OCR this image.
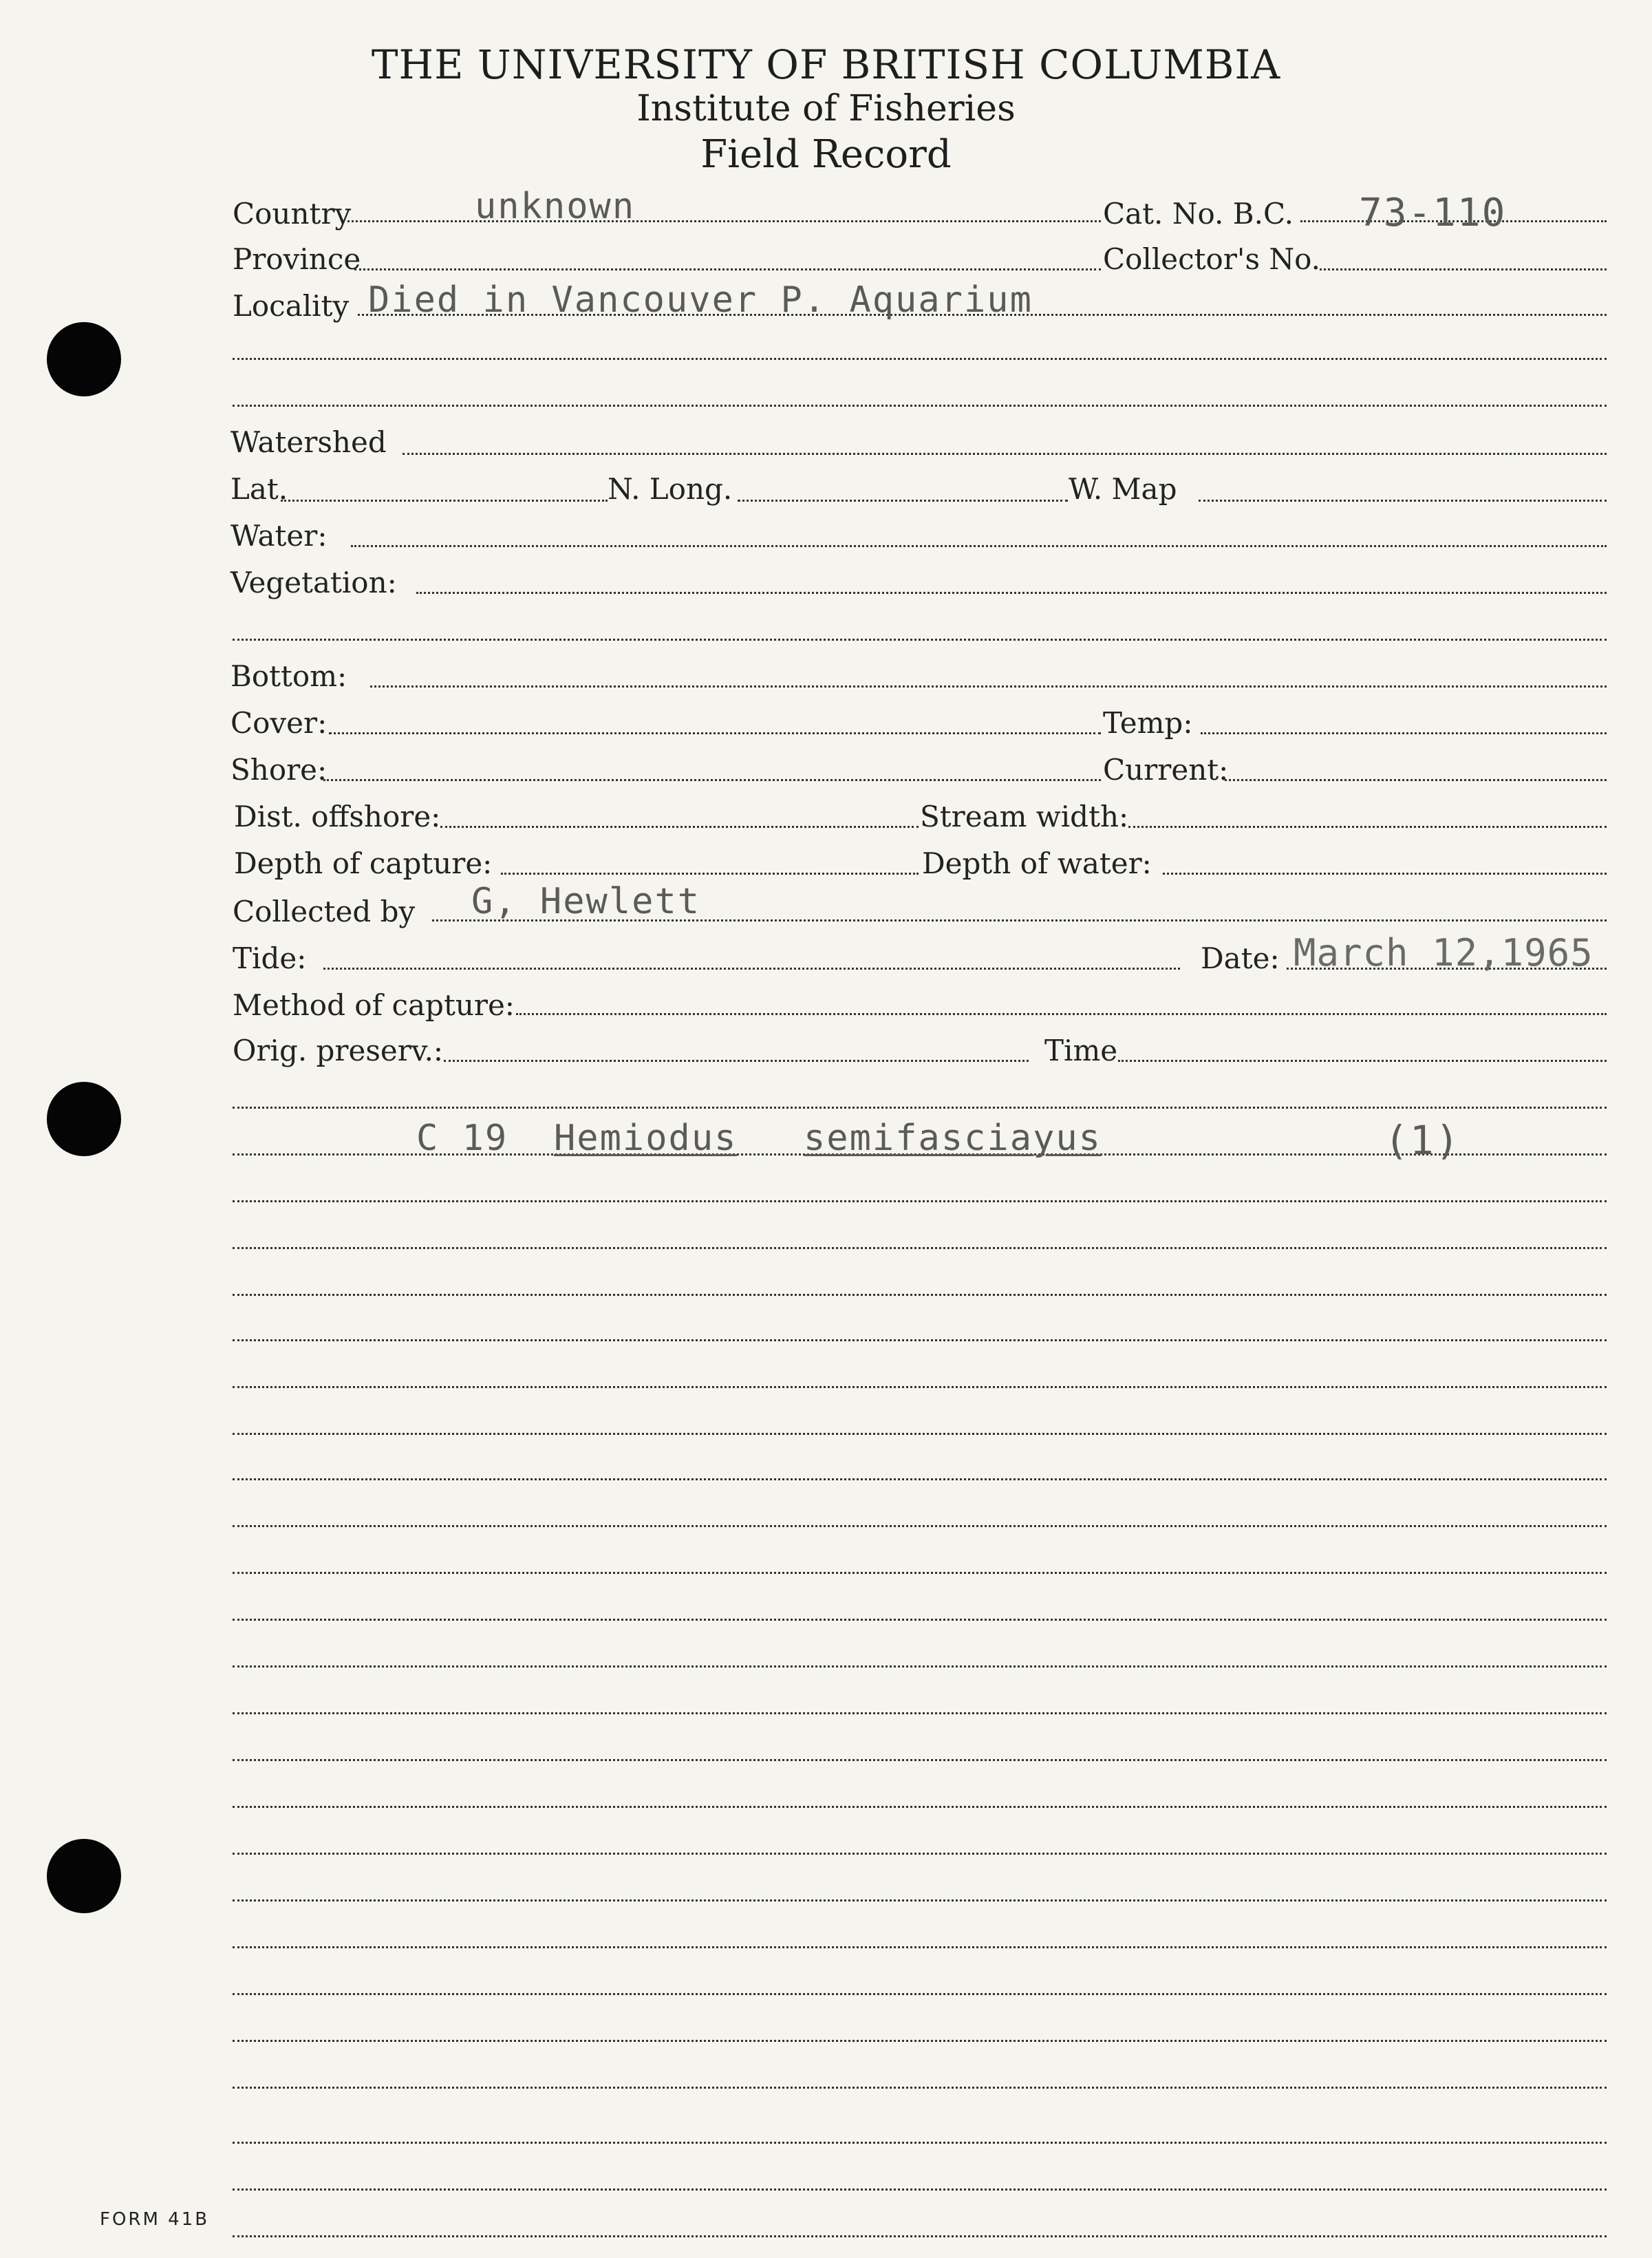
THE UNIVERSITY OF BRITISH COLUMBIA
Institute of Fisheries
Field Record
Country	unknown	Cat. No. B.C. 73-110
Province	Collector's No.
Locality Died in Vancouver P. Aquarium
Watershed
Lat.	N. Long.	W. Map
Water:
Vegetation:
Bottom:
Cover:	Temp:
Shore:	Current:
Dist. offshore:	Stream width:
Depth of capture:	Depth of water:
Collected by G, Hewlett
Tide:	Date: March 12,1965
Method of capture:
Orig. preserv.:	Time
C 19 Hemiodus semifasciayus	(1)
FORM 41B
